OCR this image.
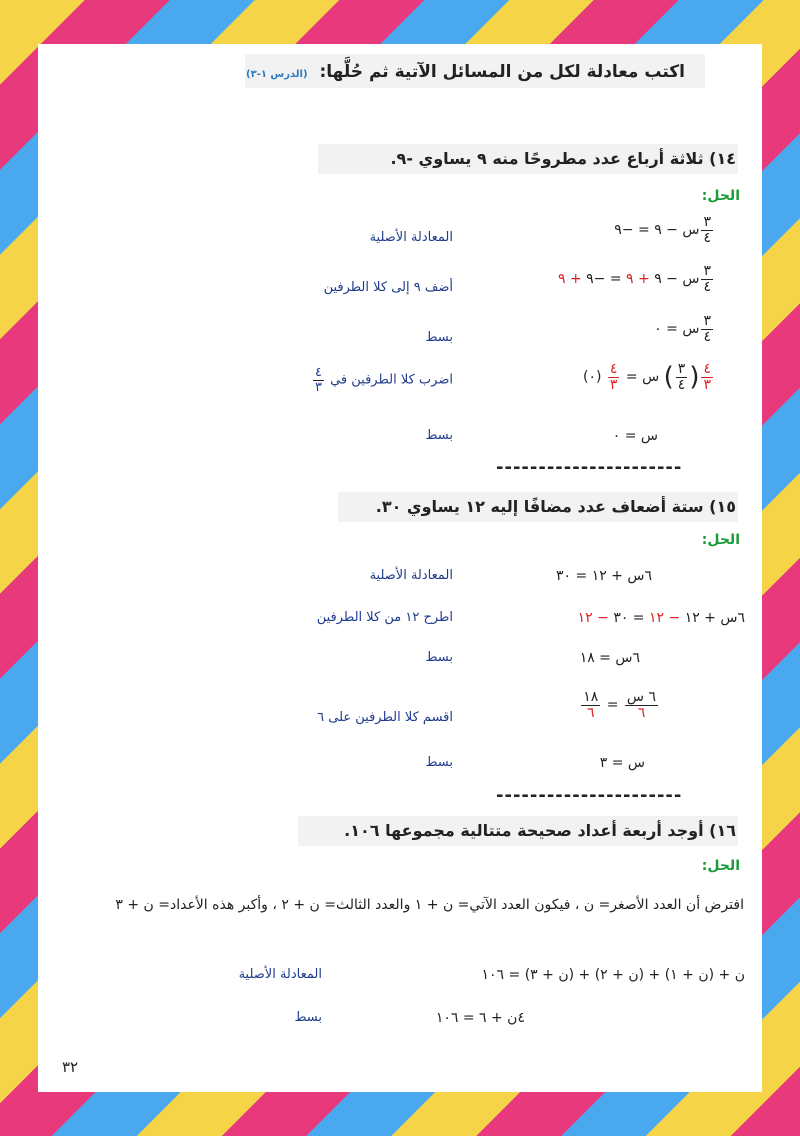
اكتب معادلة لكل من المسائل الآتية ثم حُلَّها: (الدرس ١-٣)
١٤) ثلاثة أرباع عدد مطروحًا منه ٩ يساوي -٩.
الحل:
$\frac{٣}{٤}$
س − ٩ = −٩
المعادلة الأصلية
$\frac{٣}{٤}$
س − ٩ + ٩ = −٩ + ٩
أضف ٩ إلى كلا الطرفين
$\frac{٣}{٤}$
س = ٠
بسط
$\frac{٤}{٣}$
(
$\frac{٣}{٤}$
) س =
$\frac{٤}{٣}$
(٠)
اضرب كلا الطرفين في
$\frac{٤}{٣}$
س = ٠
بسط
----------------------
١٥) ستة أضعاف عدد مضافًا إليه ١٢ يساوي ٣٠.
الحل:
٦س + ١٢ = ٣٠
المعادلة الأصلية
٦س + ١٢ − ١٢ = ٣٠ − ١٢
اطرح ١٢ من كلا الطرفين
٦س = ١٨
بسط
$\frac{\text{٦ س}}{٦}$
=
$\frac{١٨}{٦}$
اقسم كلا الطرفين على ٦
س = ٣
بسط
----------------------
١٦) أوجد أربعة أعداد صحيحة متتالية مجموعها ١٠٦.
الحل:
افترض أن العدد الأصغر= ن ، فيكون العدد الآتي= ن + ١ والعدد الثالث= ن + ٢ ، وأكبر هذه الأعداد= ن + ٣
ن + (ن + ١) + (ن + ٢) + (ن + ٣) = ١٠٦
المعادلة الأصلية
٤ن + ٦ = ١٠٦
بسط
٣٢
